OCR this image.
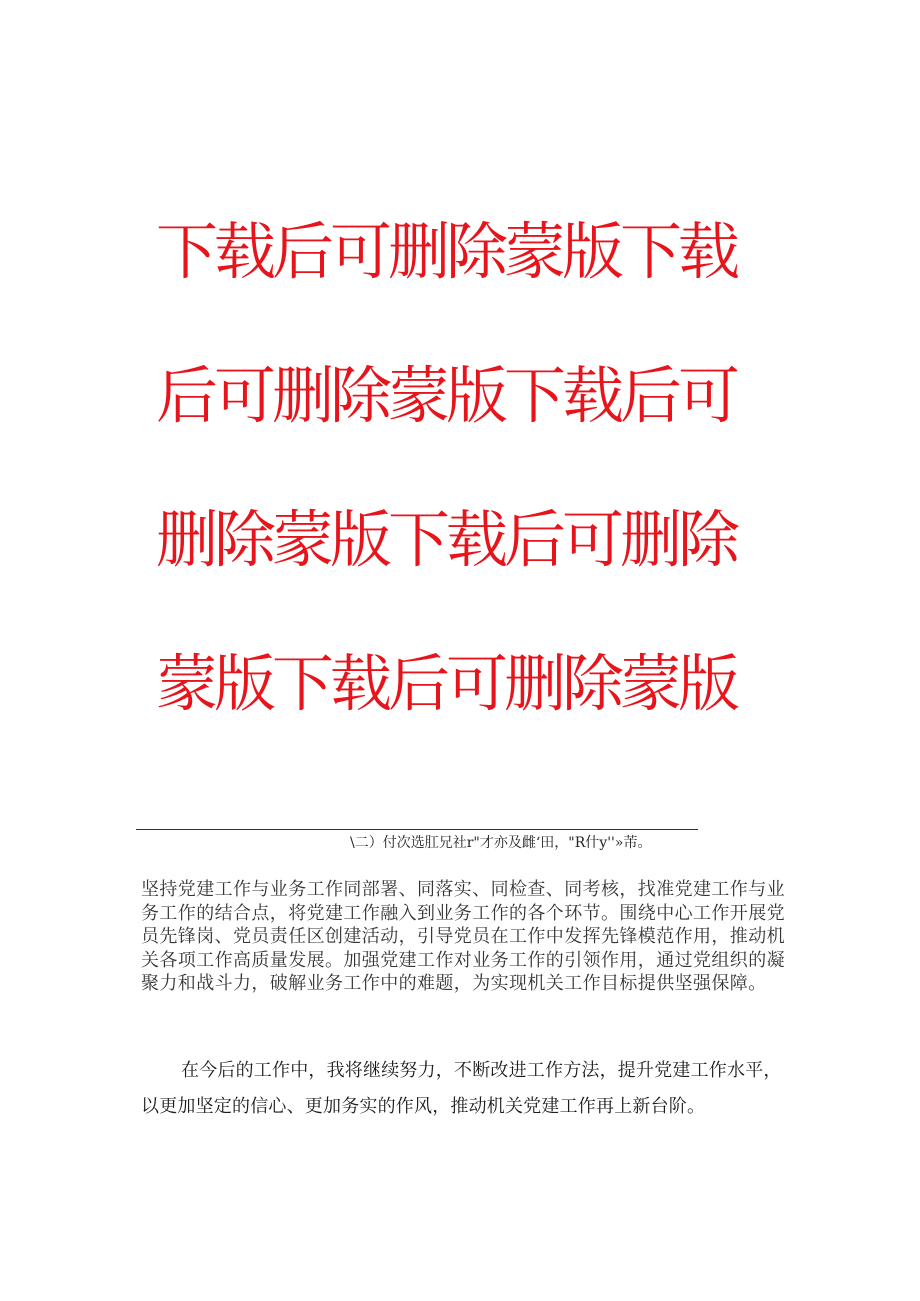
下载后可删除蒙版下载后可删除蒙版下载后可删除蒙版下载后可删除蒙版下载后可删除蒙版

\二）付次选肛兄社r"才亦及雌‘田，"R什y''»芾。

坚持党建工作与业务工作同部署、同落实、同检查、同考核，找准党建工作与业务工作的结合点，将党建工作融入到业务工作的各个环节。围绕中心工作开展党员先锋岗、党员责任区创建活动，引导党员在工作中发挥先锋模范作用，推动机关各项工作高质量发展。加强党建工作对业务工作的引领作用，通过党组织的凝聚力和战斗力，破解业务工作中的难题，为实现机关工作目标提供坚强保障。

在今后的工作中，我将继续努力，不断改进工作方法，提升党建工作水平，以更加坚定的信心、更加务实的作风，推动机关党建工作再上新台阶。
